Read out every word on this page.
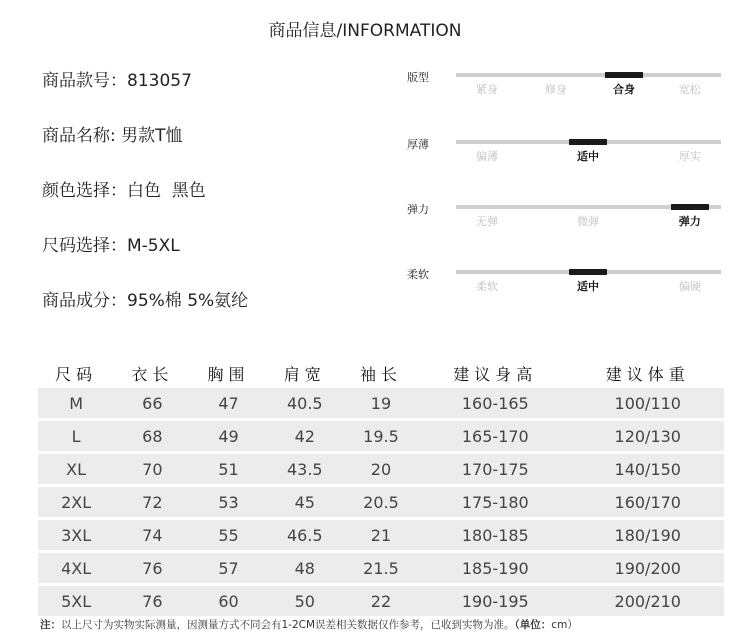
商品信息/INFORMATION
商品款号：813057
商品名称: 男款T恤
颜色选择：白色  黑色
尺码选择：M-5XL
商品成分：95%棉 5%氨纶
版型
紧身	修身	合身	宽松
厚薄
偏薄	适中	厚实
弹力
无弹	微弹	弹力
柔软
柔软	适中	偏硬
尺码	衣长	胸围	肩宽	袖长	建议身高	建议体重
M	66	47	40.5	19	160-165	100/110
L	68	49	42	19.5	165-170	120/130
XL	70	51	43.5	20	170-175	140/150
2XL	72	53	45	20.5	175-180	160/170
3XL	74	55	46.5	21	180-185	180/190
4XL	76	57	48	21.5	185-190	190/200
5XL	76	60	50	22	190-195	200/210
注：以上尺寸为实物实际测量，因测量方式不同会有1-2CM误差相关数据仅作参考，已收到实物为准。（单位：cm）
